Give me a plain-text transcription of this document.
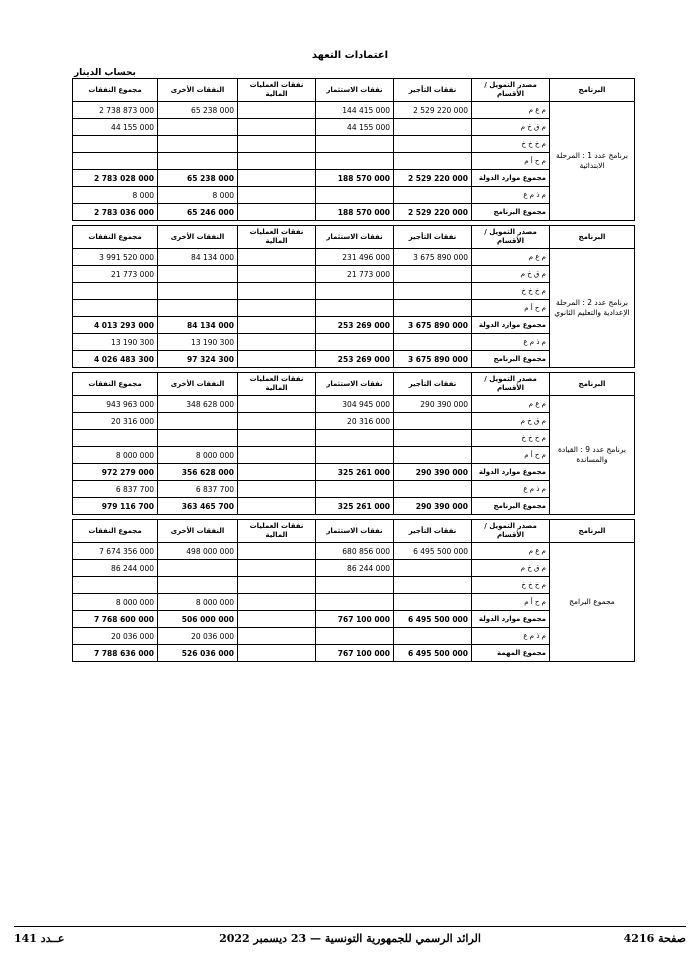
اعتمادات التعهد
بحساب الدينار
مجموع النفقات	النفقات الأخرى	نفقات العمليات المالية	نفقات الاستثمار	نفقات التأجير	مصدر التمويل / الأقسام	البرنامج
2 738 873 000	65 238 000		144 415 000	2 529 220 000	م ع م	برنامج عدد 1 : المرحلة الابتدائية
44 155 000			44 155 000		م ق خ م	
					م خ خ خ	
					م ح أ م	
2 783 028 000	65 238 000		188 570 000	2 529 220 000	مجموع موارد الدولة	
8 000	8 000				م ذ م ع	
2 783 036 000	65 246 000		188 570 000	2 529 220 000	مجموع البرنامج	
مجموع النفقات	النفقات الأخرى	نفقات العمليات المالية	نفقات الاستثمار	نفقات التأجير	مصدر التمويل / الأقسام	البرنامج
3 991 520 000	84 134 000		231 496 000	3 675 890 000	م ع م	برنامج عدد 2 : المرحلة الإعدادية والتعليم الثانوي
21 773 000			21 773 000		م ق خ م	
					م خ خ خ	
					م ح أ م	
4 013 293 000	84 134 000		253 269 000	3 675 890 000	مجموع موارد الدولة	
13 190 300	13 190 300				م ذ م ع	
4 026 483 300	97 324 300		253 269 000	3 675 890 000	مجموع البرنامج	
مجموع النفقات	النفقات الأخرى	نفقات العمليات المالية	نفقات الاستثمار	نفقات التأجير	مصدر التمويل / الأقسام	البرنامج
943 963 000	348 628 000		304 945 000	290 390 000	م ع م	برنامج عدد 9 : القيادة والمساندة
20 316 000			20 316 000		م ق خ م	
					م خ خ خ	
8 000 000	8 000 000				م ح أ م	
972 279 000	356 628 000		325 261 000	290 390 000	مجموع موارد الدولة	
6 837 700	6 837 700				م ذ م ع	
979 116 700	363 465 700		325 261 000	290 390 000	مجموع البرنامج	
مجموع النفقات	النفقات الأخرى	نفقات العمليات المالية	نفقات الاستثمار	نفقات التأجير	مصدر التمويل / الأقسام	البرنامج
7 674 356 000	498 000 000		680 856 000	6 495 500 000	م ع م	مجموع البرامج
86 244 000			86 244 000		م ق خ م	
					م خ خ خ	
8 000 000	8 000 000				م ح أ م	
7 768 600 000	506 000 000		767 100 000	6 495 500 000	مجموع موارد الدولة	
20 036 000	20 036 000				م ذ م ع	
7 788 636 000	526 036 000		767 100 000	6 495 500 000	مجموع المهمة	
صفحة 4216
الرائد الرسمي للجمهورية التونسية — 23 ديسمبر 2022
عــدد 141
